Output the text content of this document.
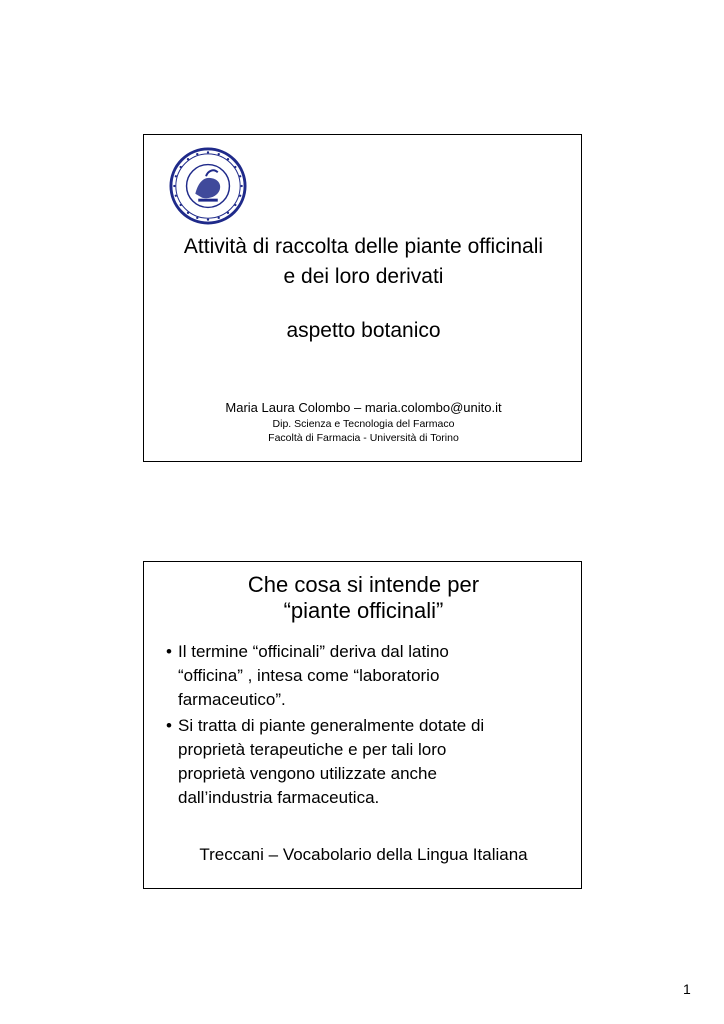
Attività di raccolta delle piante officinali
e dei loro derivati
aspetto botanico
Maria Laura Colombo – maria.colombo@unito.it
Dip. Scienza e Tecnologia del Farmaco
Facoltà di Farmacia - Università di Torino
Che cosa si intende per
“piante officinali”
• Il termine “officinali” deriva dal latino
“officina” , intesa come “laboratorio
farmaceutico”.
• Si tratta di piante generalmente dotate di
proprietà terapeutiche e per tali loro
proprietà vengono utilizzate anche
dall’industria farmaceutica.
Treccani – Vocabolario della Lingua Italiana
1
